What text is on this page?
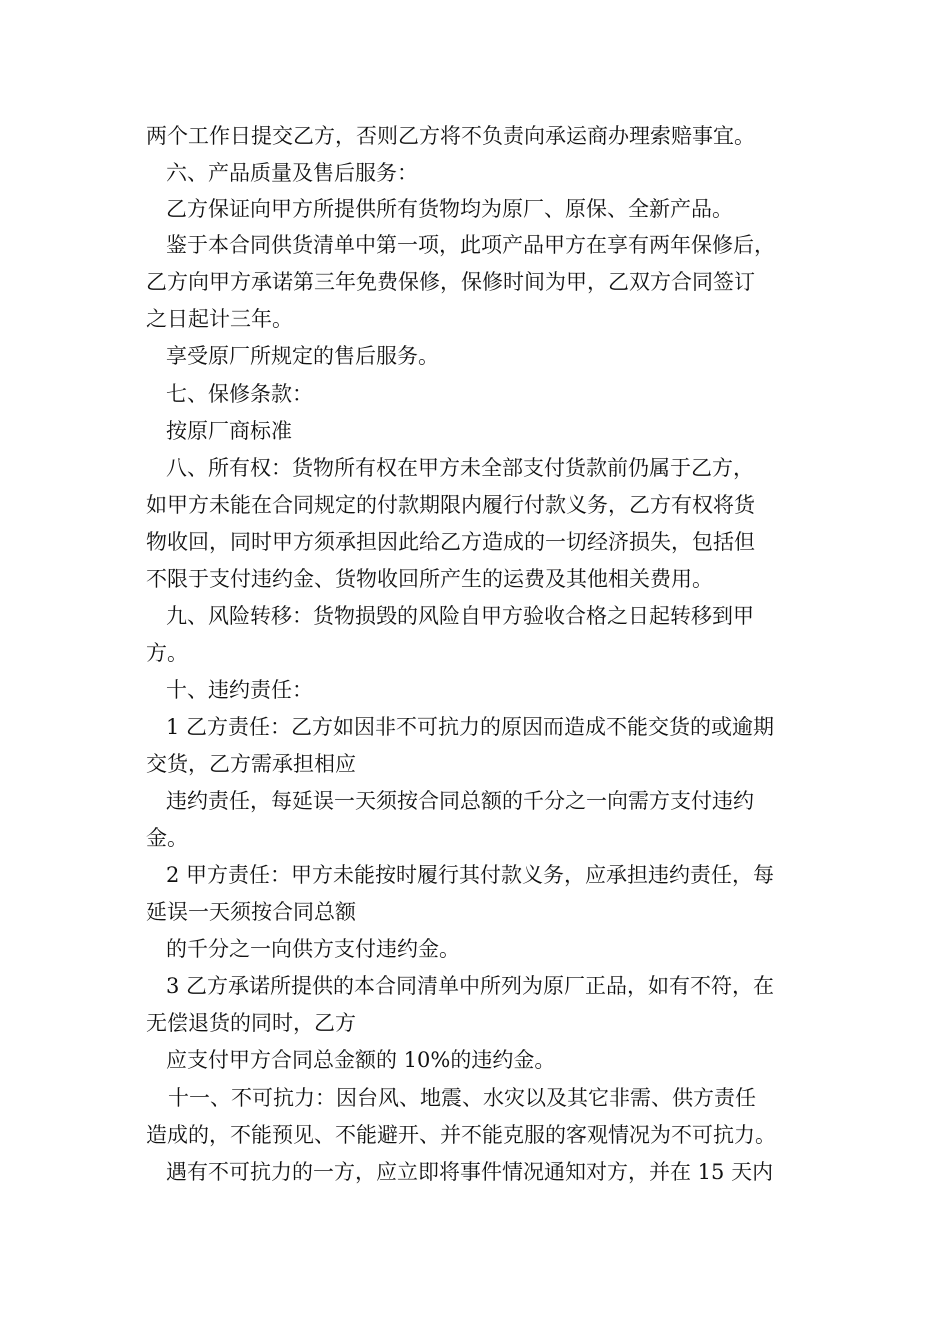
两个工作日提交乙方，否则乙方将不负责向承运商办理索赔事宜。
六、产品质量及售后服务：
乙方保证向甲方所提供所有货物均为原厂、原保、全新产品。
鉴于本合同供货清单中第一项，此项产品甲方在享有两年保修后，
乙方向甲方承诺第三年免费保修，保修时间为甲，乙双方合同签订
之日起计三年。
享受原厂所规定的售后服务。
七、保修条款：
按原厂商标准
八、所有权：货物所有权在甲方未全部支付货款前仍属于乙方，
如甲方未能在合同规定的付款期限内履行付款义务，乙方有权将货
物收回，同时甲方须承担因此给乙方造成的一切经济损失，包括但
不限于支付违约金、货物收回所产生的运费及其他相关费用。
九、风险转移：货物损毁的风险自甲方验收合格之日起转移到甲
方。
十、违约责任：
1 乙方责任：乙方如因非不可抗力的原因而造成不能交货的或逾期
交货，乙方需承担相应
违约责任，每延误一天须按合同总额的千分之一向需方支付违约
金。
2 甲方责任：甲方未能按时履行其付款义务，应承担违约责任，每
延误一天须按合同总额
的千分之一向供方支付违约金。
3 乙方承诺所提供的本合同清单中所列为原厂正品，如有不符，在
无偿退货的同时，乙方
应支付甲方合同总金额的 10%的违约金。
十一、不可抗力：因台风、地震、水灾以及其它非需、供方责任
造成的，不能预见、不能避开、并不能克服的客观情况为不可抗力。
遇有不可抗力的一方，应立即将事件情况通知对方，并在 15 天内
